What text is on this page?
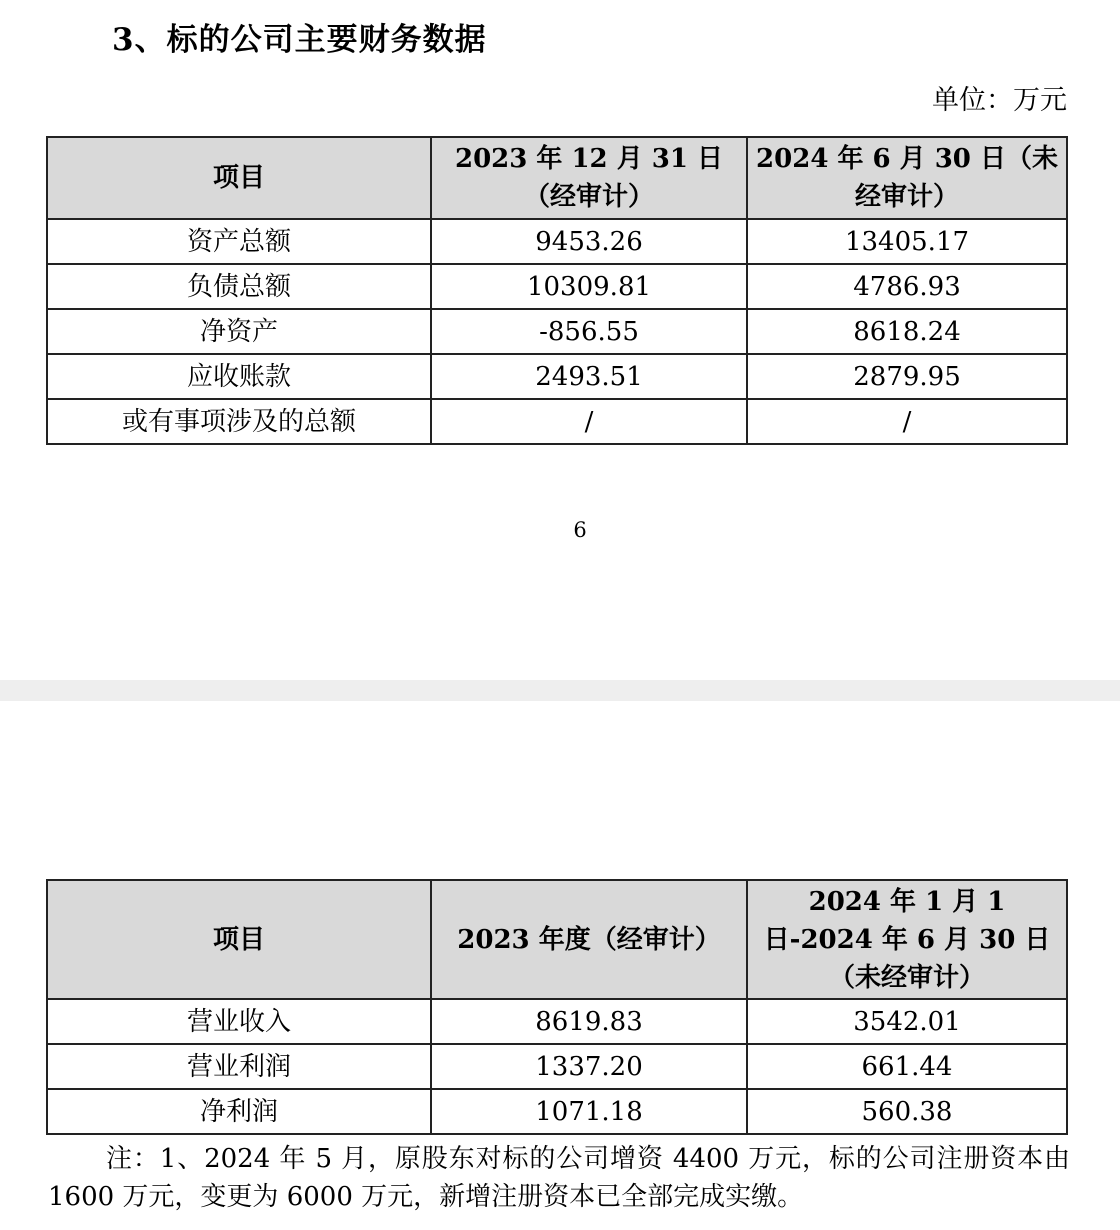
3、标的公司主要财务数据
单位：万元
项目	2023 年 12 月 31 日（经审计）	2024 年 6 月 30 日（未经审计）
资产总额	9453.26	13405.17
负债总额	10309.81	4786.93
净资产	-856.55	8618.24
应收账款	2493.51	2879.95
或有事项涉及的总额	/	/
6
项目	2023 年度（经审计）	2024 年 1 月 1 日-2024 年 6 月 30 日（未经审计）
营业收入	8619.83	3542.01
营业利润	1337.20	661.44
净利润	1071.18	560.38
注：1、2024 年 5 月，原股东对标的公司增资 4400 万元，标的公司注册资本由 1600 万元，变更为 6000 万元，新增注册资本已全部完成实缴。
